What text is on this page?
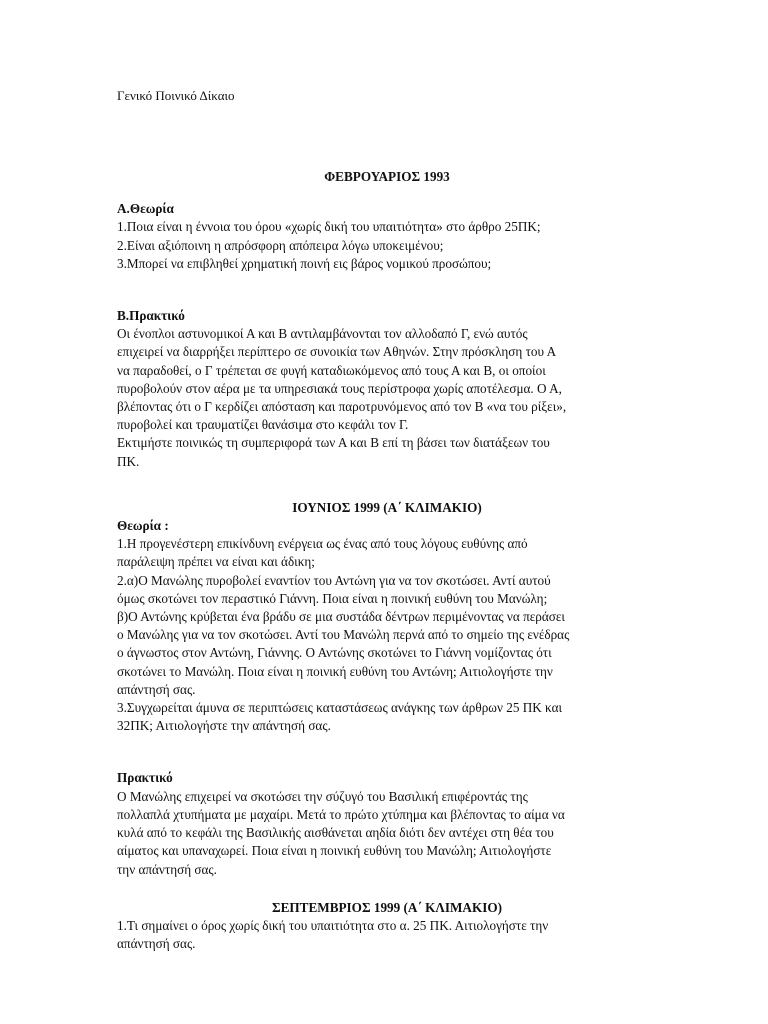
Γενικό Ποινικό Δίκαιο

ΦΕΒΡΟΥΑΡΙΟΣ 1993

Α.Θεωρία

1.Ποια είναι η έννοια του όρου «χωρίς δική του υπαιτιότητα» στο άρθρο 25ΠΚ;
2.Είναι αξιόποινη η απρόσφορη απόπειρα λόγω υποκειμένου;
3.Μπορεί να επιβληθεί χρηματική ποινή εις βάρος νομικού προσώπου;

Β.Πρακτικό

Οι ένοπλοι αστυνομικοί Α και Β αντιλαμβάνονται τον αλλοδαπό Γ, ενώ αυτός
επιχειρεί να διαρρήξει περίπτερο σε συνοικία των Αθηνών. Στην πρόσκληση του Α
να παραδοθεί, ο Γ τρέπεται σε φυγή καταδιωκόμενος από τους Α και Β, οι οποίοι
πυροβολούν στον αέρα με τα υπηρεσιακά τους περίστροφα χωρίς αποτέλεσμα. Ο Α,
βλέποντας ότι ο Γ κερδίζει απόσταση και παροτρυνόμενος από τον Β «να του ρίξει»,
πυροβολεί και τραυματίζει θανάσιμα στο κεφάλι τον Γ.
Εκτιμήστε ποινικώς τη συμπεριφορά των Α και Β επί τη βάσει των διατάξεων του
ΠΚ.

ΙΟΥΝΙΟΣ 1999 (Α΄ ΚΛΙΜΑΚΙΟ)

Θεωρία :

1.Η προγενέστερη επικίνδυνη ενέργεια ως ένας από τους λόγους ευθύνης από
παράλειψη πρέπει να είναι και άδικη;
2.α)Ο Μανώλης πυροβολεί εναντίον του Αντώνη για να τον σκοτώσει. Αντί αυτού
όμως σκοτώνει τον περαστικό Γιάννη. Ποια είναι η ποινική ευθύνη του Μανώλη;
β)Ο Αντώνης κρύβεται ένα βράδυ σε μια συστάδα δέντρων περιμένοντας να περάσει
ο Μανώλης για να τον σκοτώσει. Αντί του Μανώλη περνά από το σημείο της ενέδρας
ο άγνωστος στον Αντώνη, Γιάννης. Ο Αντώνης σκοτώνει το Γιάννη νομίζοντας ότι
σκοτώνει το Μανώλη. Ποια είναι η ποινική ευθύνη του Αντώνη; Αιτιολογήστε την
απάντησή σας.
3.Συγχωρείται άμυνα σε περιπτώσεις καταστάσεως ανάγκης των άρθρων 25 ΠΚ και
32ΠΚ; Αιτιολογήστε την απάντησή σας.

Πρακτικό

Ο Μανώλης επιχειρεί να σκοτώσει την σύζυγό του Βασιλική επιφέροντάς της
πολλαπλά χτυπήματα με μαχαίρι. Μετά το πρώτο χτύπημα και βλέποντας το αίμα να
κυλά από το κεφάλι της Βασιλικής αισθάνεται αηδία διότι δεν αντέχει στη θέα του
αίματος και υπαναχωρεί. Ποια είναι η ποινική ευθύνη του Μανώλη; Αιτιολογήστε
την απάντησή σας.

ΣΕΠΤΕΜΒΡΙΟΣ 1999 (Α΄ ΚΛΙΜΑΚΙΟ)

1.Τι σημαίνει ο όρος χωρίς δική του υπαιτιότητα στο α. 25 ΠΚ. Αιτιολογήστε την
απάντησή σας.
